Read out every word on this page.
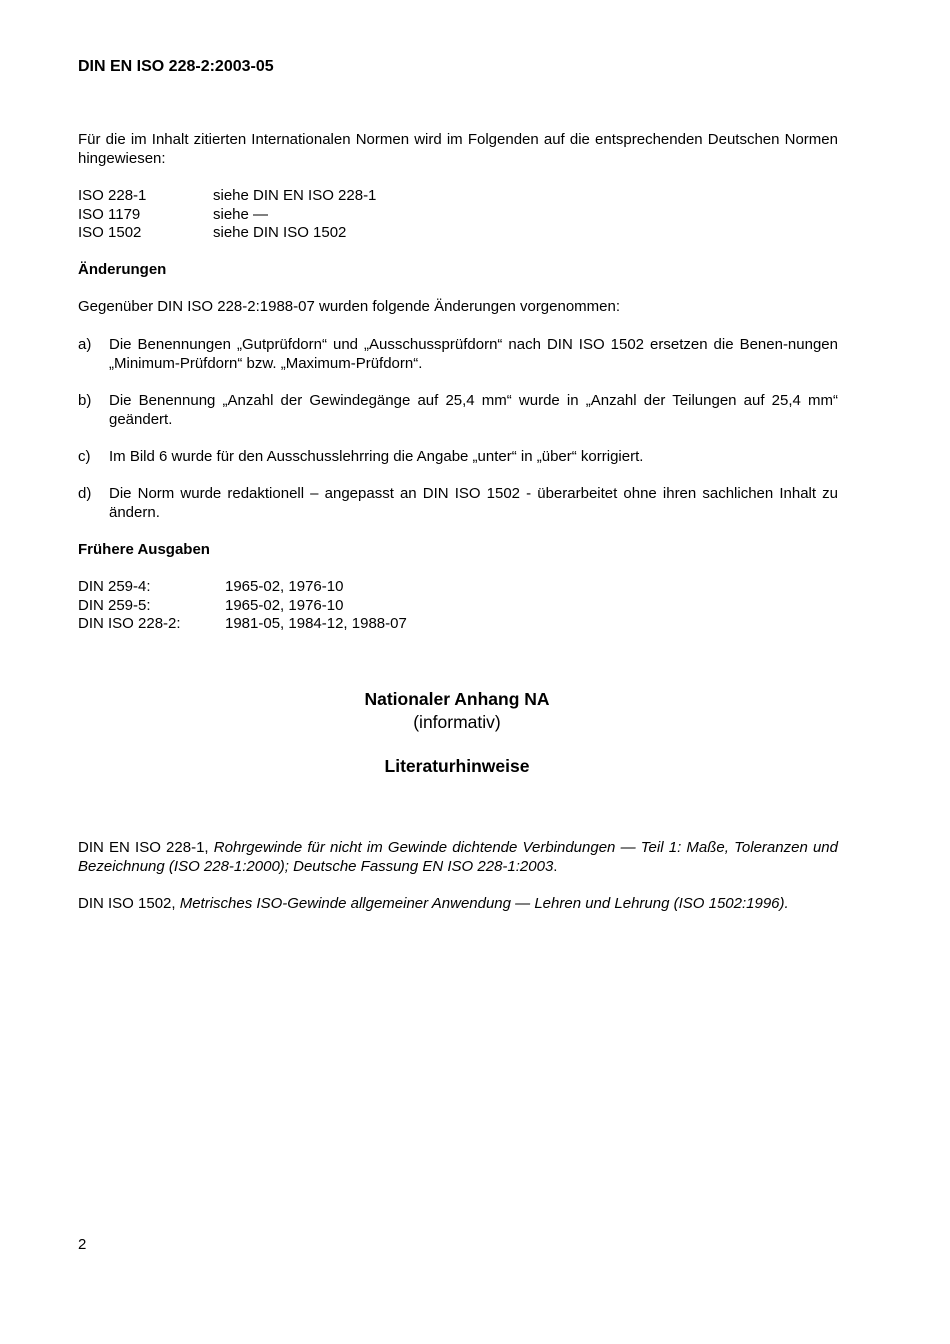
DIN EN ISO 228-2:2003-05
Für die im Inhalt zitierten Internationalen Normen wird im Folgenden auf die entsprechenden Deutschen Normen hingewiesen:
ISO 228-1	siehe DIN EN ISO 228-1
ISO 1179	siehe —
ISO 1502	siehe DIN ISO 1502
Änderungen
Gegenüber DIN ISO 228-2:1988-07 wurden folgende Änderungen vorgenommen:
a) Die Benennungen „Gutprüfdorn“ und „Ausschussprüfdorn“ nach DIN ISO 1502 ersetzen die Benen-nungen „Minimum-Prüfdorn“ bzw. „Maximum-Prüfdorn“.
b) Die Benennung „Anzahl der Gewindegänge auf 25,4 mm“ wurde in „Anzahl der Teilungen auf 25,4 mm“ geändert.
c) Im Bild 6 wurde für den Ausschusslehrring die Angabe „unter“ in „über“ korrigiert.
d) Die Norm wurde redaktionell – angepasst an DIN ISO 1502 - überarbeitet ohne ihren sachlichen Inhalt zu ändern.
Frühere Ausgaben
DIN 259-4:	1965-02, 1976-10
DIN 259-5:	1965-02, 1976-10
DIN ISO 228-2:	1981-05, 1984-12, 1988-07
Nationaler Anhang NA
(informativ)
Literaturhinweise
DIN EN ISO 228-1, Rohrgewinde für nicht im Gewinde dichtende Verbindungen — Teil 1: Maße, Toleranzen und Bezeichnung (ISO 228-1:2000); Deutsche Fassung EN ISO 228-1:2003.
DIN ISO 1502, Metrisches ISO-Gewinde allgemeiner Anwendung — Lehren und Lehrung (ISO 1502:1996).
2
